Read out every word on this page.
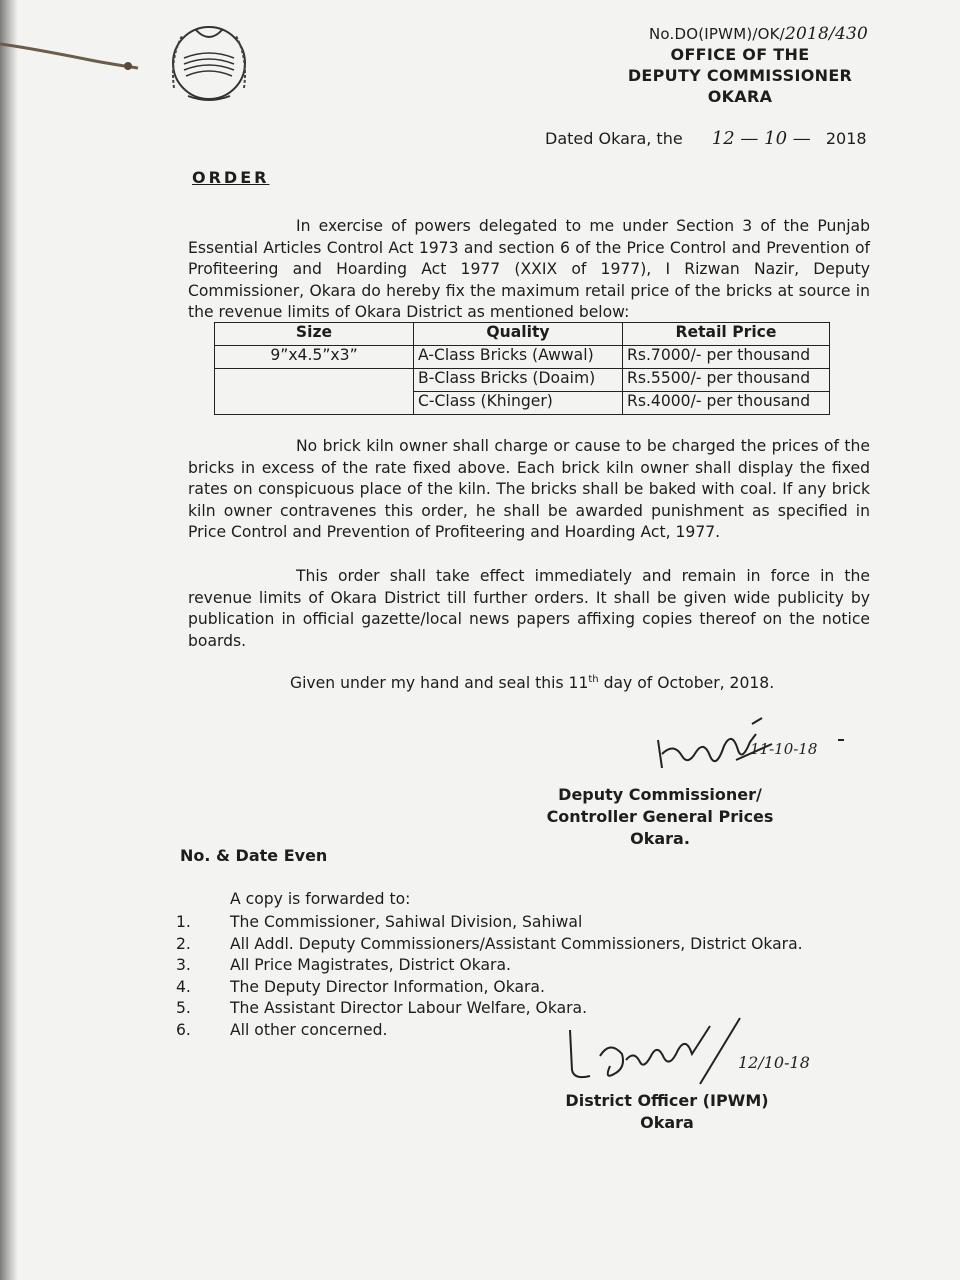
No.DO(IPWM)/OK/2018/430
OFFICE OF THE
DEPUTY COMMISSIONER
OKARA
Dated Okara, the 12 — 10 — 2018
ORDER
In exercise of powers delegated to me under Section 3 of the Punjab Essential Articles Control Act 1973 and section 6 of the Price Control and Prevention of Profiteering and Hoarding Act 1977 (XXIX of 1977), I Rizwan Nazir, Deputy Commissioner, Okara do hereby fix the maximum retail price of the bricks at source in the revenue limits of Okara District as mentioned below:
Size	Quality	Retail Price
9”x4.5”x3”	A-Class Bricks (Awwal)	Rs.7000/- per thousand
	B-Class Bricks (Doaim)	Rs.5500/- per thousand
	C-Class (Khinger)	Rs.4000/- per thousand
No brick kiln owner shall charge or cause to be charged the prices of the bricks in excess of the rate fixed above. Each brick kiln owner shall display the fixed rates on conspicuous place of the kiln. The bricks shall be baked with coal. If any brick kiln owner contravenes this order, he shall be awarded punishment as specified in Price Control and Prevention of Profiteering and Hoarding Act, 1977.
This order shall take effect immediately and remain in force in the revenue limits of Okara District till further orders. It shall be given wide publicity by publication in official gazette/local news papers affixing copies thereof on the notice boards.
Given under my hand and seal this 11th day of October, 2018.
11-10-18
Deputy Commissioner/
Controller General Prices
Okara.
No. & Date Even
A copy is forwarded to:
1.	The Commissioner, Sahiwal Division, Sahiwal
2.	All Addl. Deputy Commissioners/Assistant Commissioners, District Okara.
3.	All Price Magistrates, District Okara.
4.	The Deputy Director Information, Okara.
5.	The Assistant Director Labour Welfare, Okara.
6.	All other concerned.
12/10-18
District Officer (IPWM)
Okara
